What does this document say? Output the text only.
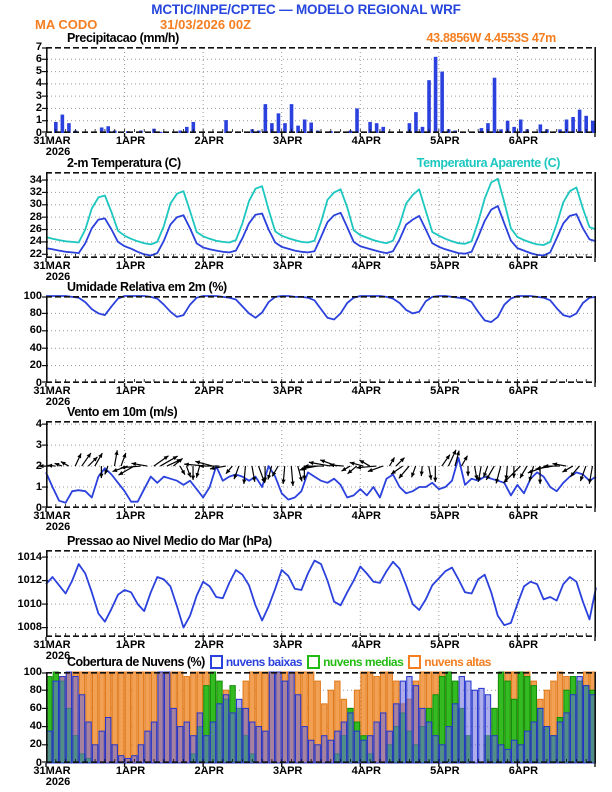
MCTIC/INPE/CPTEC — MODELO REGIONAL WRF
MA CODO	31/03/2026 00Z
Precipitacao (mm/h)	43.8856W 4.4553S 47m
2-m Temperatura (C)	Temperatura Aparente (C)
Umidade Relativa em 2m (%)
Vento em 10m (m/s)
Pressao ao Nivel Medio do Mar (hPa)
Cobertura de Nuvens (%) nuvens baixas nuvens medias nuvens altas
0
1
2
3
4
5
6
7
31MAR	1APR	2APR	3APR	4APR	5APR	6APR
2026
22
24
26
28
30
32
34
31MAR	1APR	2APR	3APR	4APR	5APR	6APR
2026
0
20
40
60
80
100
31MAR	1APR	2APR	3APR	4APR	5APR	6APR
2026
0
1
2
3
4
31MAR	1APR	2APR	3APR	4APR	5APR	6APR
2026
1008
1010
1012
1014
31MAR	1APR	2APR	3APR	4APR	5APR	6APR
2026
0
20
40
60
80
100
31MAR	1APR	2APR	3APR	4APR	5APR	6APR
2026
